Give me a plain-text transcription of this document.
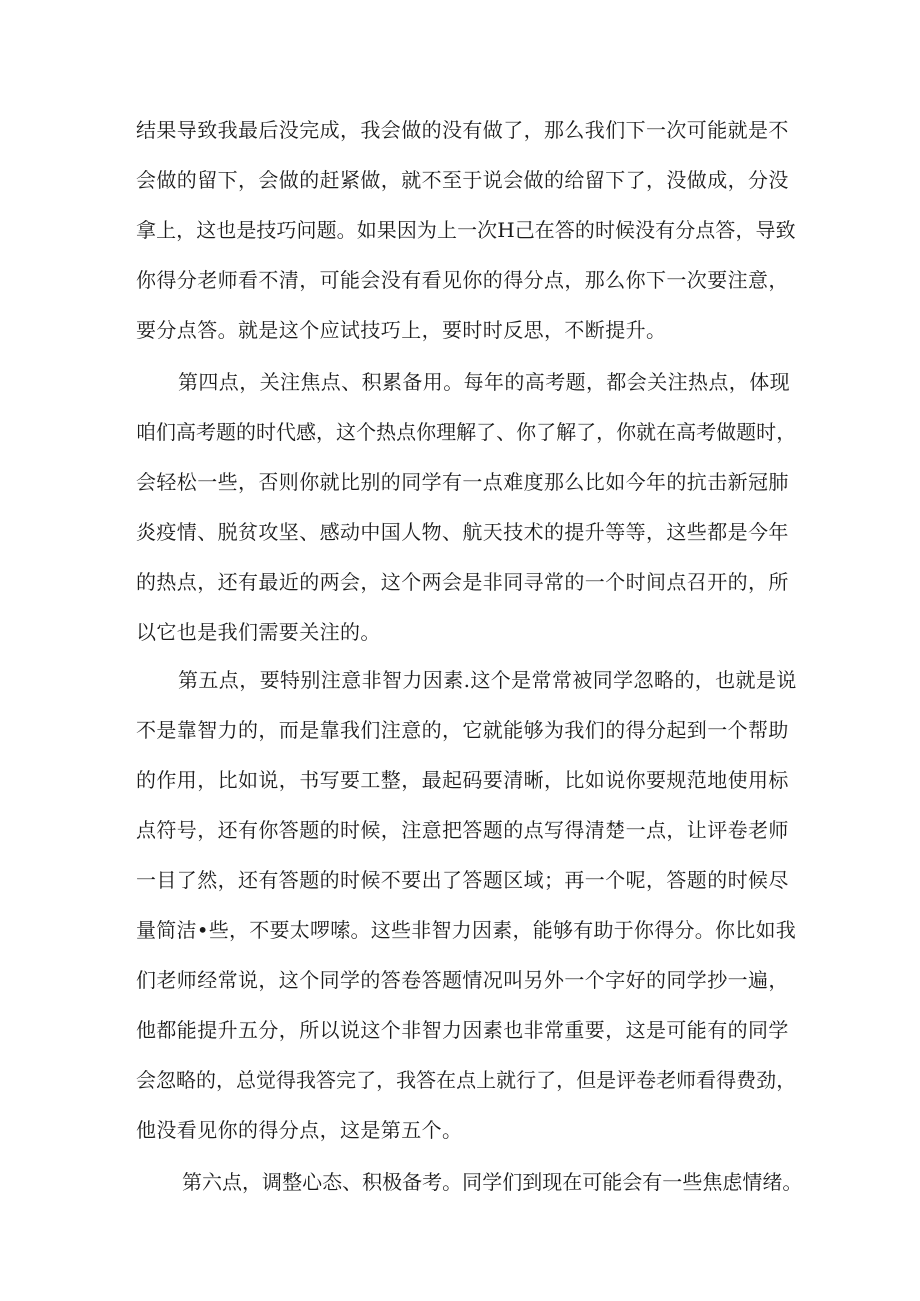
结果导致我最后没完成，我会做的没有做了，那么我们下一次可能就是不
会做的留下，会做的赶紧做，就不至于说会做的给留下了，没做成，分没
拿上，这也是技巧问题。如果因为上一次H己在答的时候没有分点答，导致
你得分老师看不清，可能会没有看见你的得分点，那么你下一次要注意，
要分点答。就是这个应试技巧上，要时时反思，不断提升。
第四点，关注焦点、积累备用。每年的高考题，都会关注热点，体现
咱们高考题的时代感，这个热点你理解了、你了解了，你就在高考做题时，
会轻松一些，否则你就比别的同学有一点难度那么比如今年的抗击新冠肺
炎疫情、脱贫攻坚、感动中国人物、航天技术的提升等等，这些都是今年
的热点，还有最近的两会，这个两会是非同寻常的一个时间点召开的，所
以它也是我们需要关注的。
第五点，要特别注意非智力因素.这个是常常被同学忽略的，也就是说
不是靠智力的，而是靠我们注意的，它就能够为我们的得分起到一个帮助
的作用，比如说，书写要工整，最起码要清晰，比如说你要规范地使用标
点符号，还有你答题的时候，注意把答题的点写得清楚一点，让评卷老师
一目了然，还有答题的时候不要出了答题区域；再一个呢，答题的时候尽
量简洁•些，不要太啰嗦。这些非智力因素，能够有助于你得分。你比如我
们老师经常说，这个同学的答卷答题情况叫另外一个字好的同学抄一遍，
他都能提升五分，所以说这个非智力因素也非常重要，这是可能有的同学
会忽略的，总觉得我答完了，我答在点上就行了，但是评卷老师看得费劲，
他没看见你的得分点，这是第五个。
第六点，调整心态、积极备考。同学们到现在可能会有一些焦虑情绪。
